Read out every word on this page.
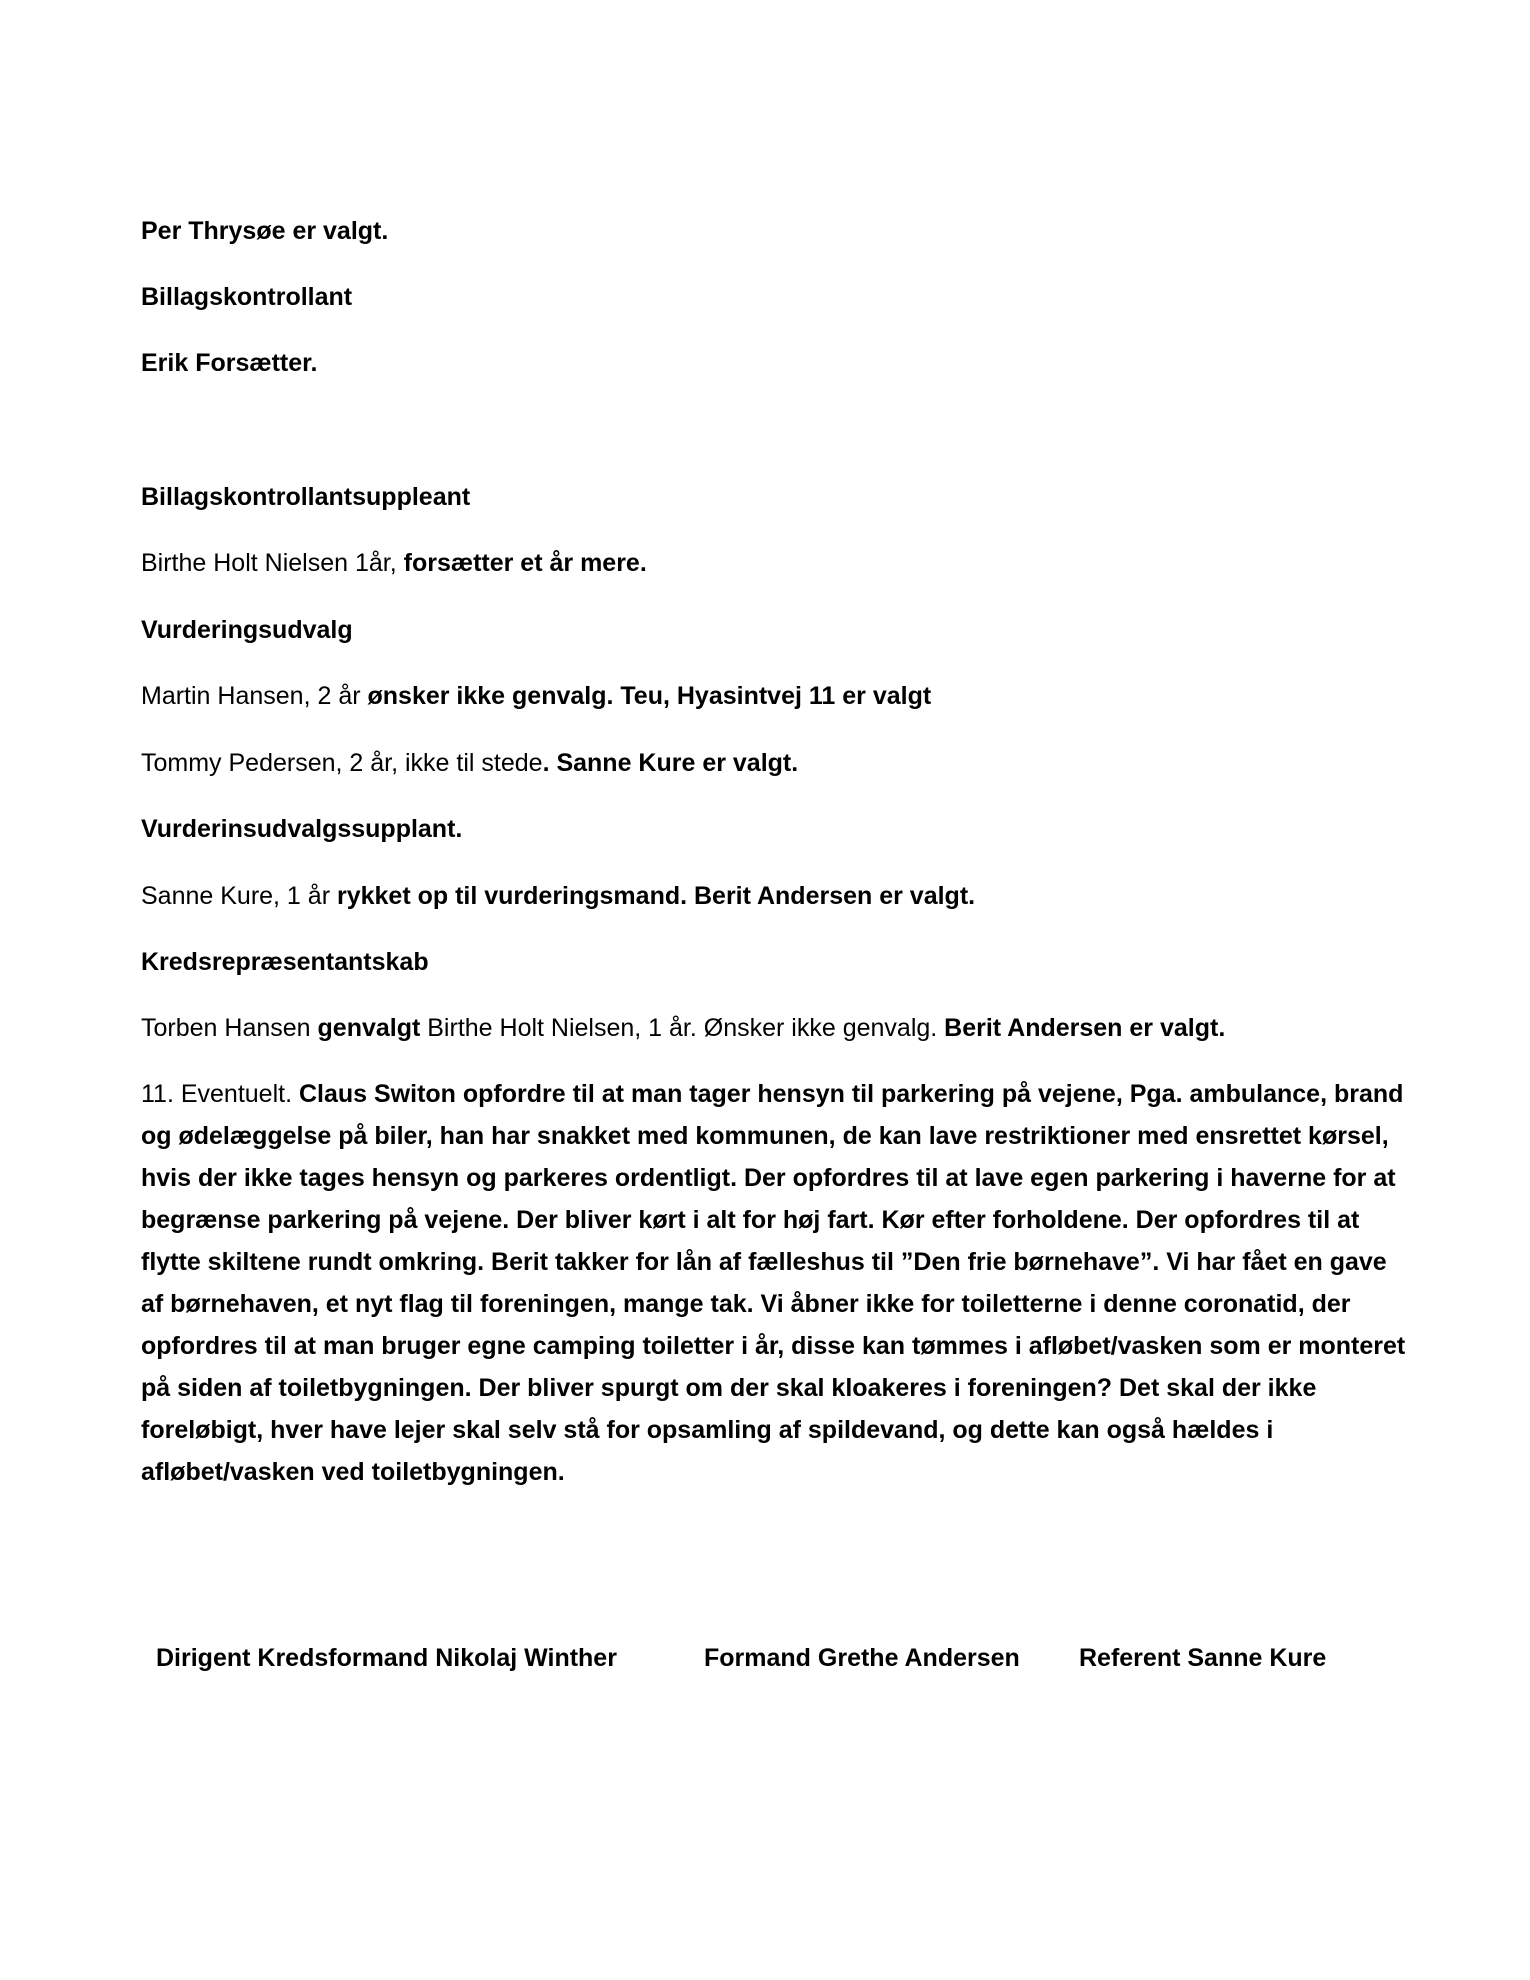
Per Thrysøe er valgt.
Billagskontrollant
Erik Forsætter.
Billagskontrollantsuppleant
Birthe Holt Nielsen 1år, forsætter et år mere.
Vurderingsudvalg
Martin Hansen, 2 år ønsker ikke genvalg. Teu, Hyasintvej 11 er valgt
Tommy Pedersen, 2 år, ikke til stede. Sanne Kure er valgt.
Vurderinsudvalgssupplant.
Sanne Kure, 1 år rykket op til vurderingsmand. Berit Andersen er valgt.
Kredsrepræsentantskab
Torben Hansen genvalgt Birthe Holt Nielsen, 1 år. Ønsker ikke genvalg. Berit Andersen er valgt.
11. Eventuelt. Claus Switon opfordre til at man tager hensyn til parkering på vejene, Pga. ambulance, brand og ødelæggelse på biler, han har snakket med kommunen, de kan lave restriktioner med ensrettet kørsel, hvis der ikke tages hensyn og parkeres ordentligt. Der opfordres til at lave egen parkering i haverne for at begrænse parkering på vejene. Der bliver kørt i alt for høj fart. Kør efter forholdene. Der opfordres til at flytte skiltene rundt omkring. Berit takker for lån af fælleshus til ”Den frie børnehave”. Vi har fået en gave af børnehaven, et nyt flag til foreningen, mange tak. Vi åbner ikke for toiletterne i denne coronatid, der opfordres til at man bruger egne camping toiletter i år, disse kan tømmes i afløbet/vasken som er monteret på siden af toiletbygningen. Der bliver spurgt om der skal kloakeres i foreningen? Det skal der ikke foreløbigt, hver have lejer skal selv stå for opsamling af spildevand, og dette kan også hældes i afløbet/vasken ved toiletbygningen.
Dirigent Kredsformand Nikolaj Winther	Formand Grethe Andersen Referent Sanne Kure
